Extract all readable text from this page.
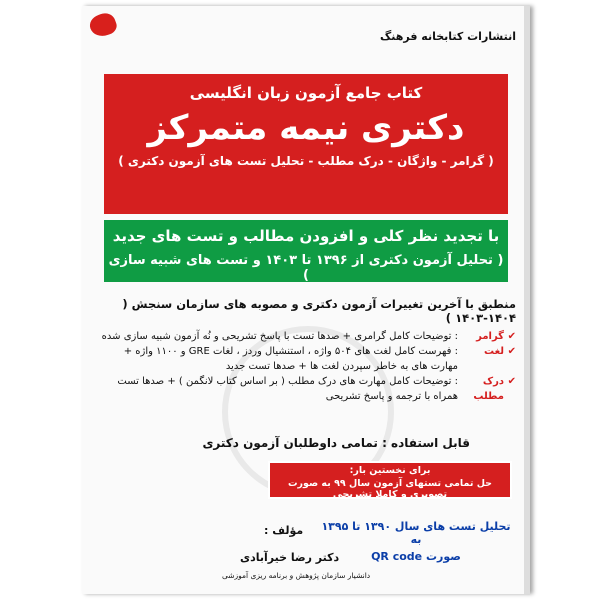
انتشارات کتابخانه فرهنگ
کتاب جامع آزمون زبان انگلیسی
دکتری نیمه متمرکز
( گرامر - واژگان - درک مطلب - تحلیل تست های آزمون دکتری )
با تجدید نظر کلی و افزودن مطالب و تست های جدید
( تحلیل آزمون دکتری از ۱۳۹۶ تا ۱۴۰۳ و تست های شبیه سازی )
منطبق با آخرین تغییرات آزمون دکتری و مصوبه های سازمان سنجش ( ۱۴۰۴-۱۴۰۳ )
✔
گرامر
: توضیحات کامل گرامری + صدها تست با پاسخ تشریحی و نُه آزمون شبیه سازی شده
✔
لغت
: فهرست کامل لغت های ۵۰۴ واژه ، استنشیال وردز ، لغات GRE و ۱۱۰۰ واژه + مهارت های به خاطر سپردن لغت ها + صدها تست جدید
✔
درک مطلب
: توضیحات کامل مهارت های درک مطلب ( بر اساس کتاب لانگمن ) + صدها تست همراه با ترجمه و پاسخ تشریحی
قابل استفاده : تمامی داوطلبان آزمون دکتری
برای نخستین بار:
حل تمامی تستهای آزمون سال ۹۹ به صورت تصویری و کاملا تشریحی
مؤلف :
دکتر رضا خیرآبادی
دانشیار سازمان پژوهش و برنامه ریزی آموزشی
تحلیل تست های سال ۱۳۹۰ تا ۱۳۹۵ به
صورت QR code
